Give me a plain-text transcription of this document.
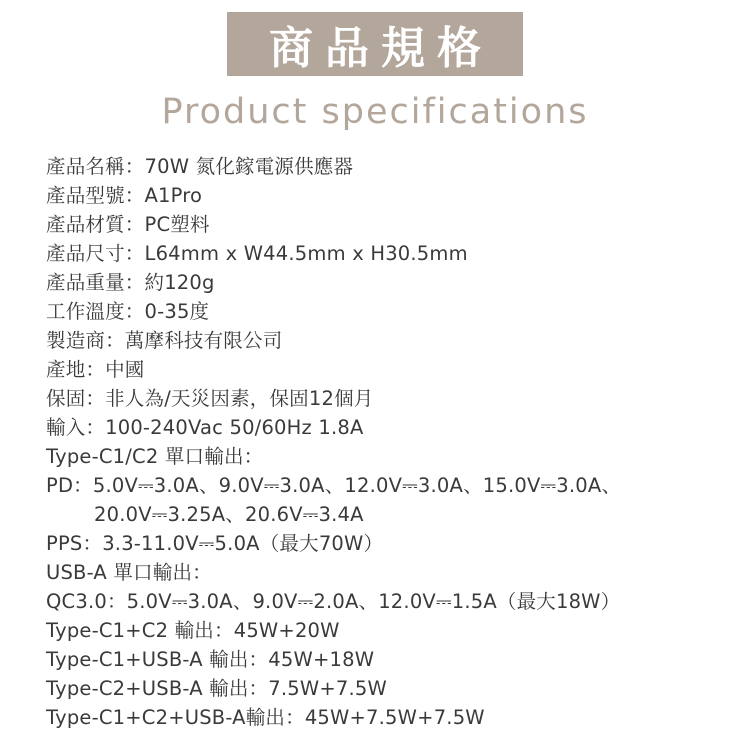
商品規格
Product specifications
產品名稱：70W 氮化鎵電源供應器
產品型號：A1Pro
產品材質：PC塑料
產品尺寸：L64mm x W44.5mm x H30.5mm
產品重量：約120g
工作溫度：0-35度
製造商：萬摩科技有限公司
產地：中國
保固：非人為/天災因素，保固12個月
輸入：100-240Vac 50/60Hz 1.8A
Type-C1/C2 單口輸出：
PD：5.0V⎓3.0A、9.0V⎓3.0A、12.0V⎓3.0A、15.0V⎓3.0A、
20.0V⎓3.25A、20.6V⎓3.4A
PPS：3.3-11.0V⎓5.0A（最大70W）
USB-A 單口輸出：
QC3.0：5.0V⎓3.0A、9.0V⎓2.0A、12.0V⎓1.5A（最大18W）
Type-C1+C2 輸出：45W+20W
Type-C1+USB-A 輸出：45W+18W
Type-C2+USB-A 輸出：7.5W+7.5W
Type-C1+C2+USB-A輸出：45W+7.5W+7.5W
